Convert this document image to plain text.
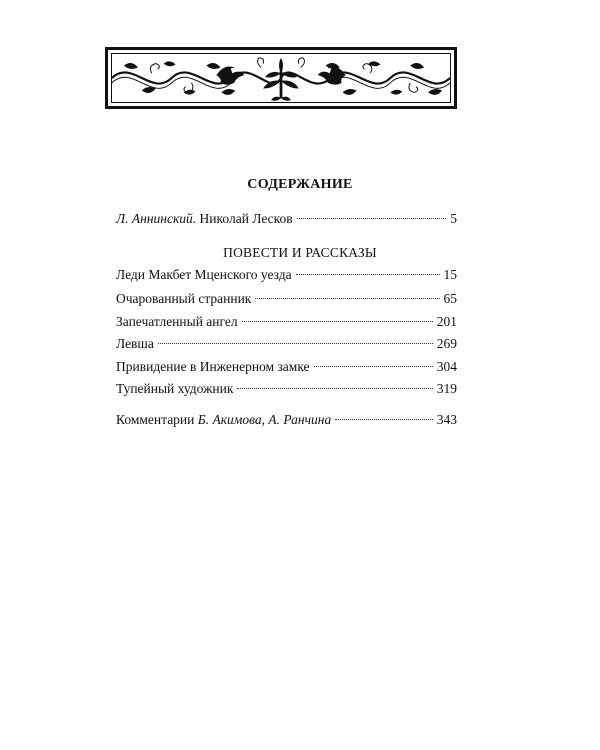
СОДЕРЖАНИЕ
Л. Аннинский. Николай Лесков	5
ПОВЕСТИ И РАССКАЗЫ
Леди Макбет Мценского уезда	15
Очарованный странник	65
Запечатленный ангел	201
Левша	269
Привидение в Инженерном замке	304
Тупейный художник	319
Комментарии Б. Акимова, А. Ранчина	343
